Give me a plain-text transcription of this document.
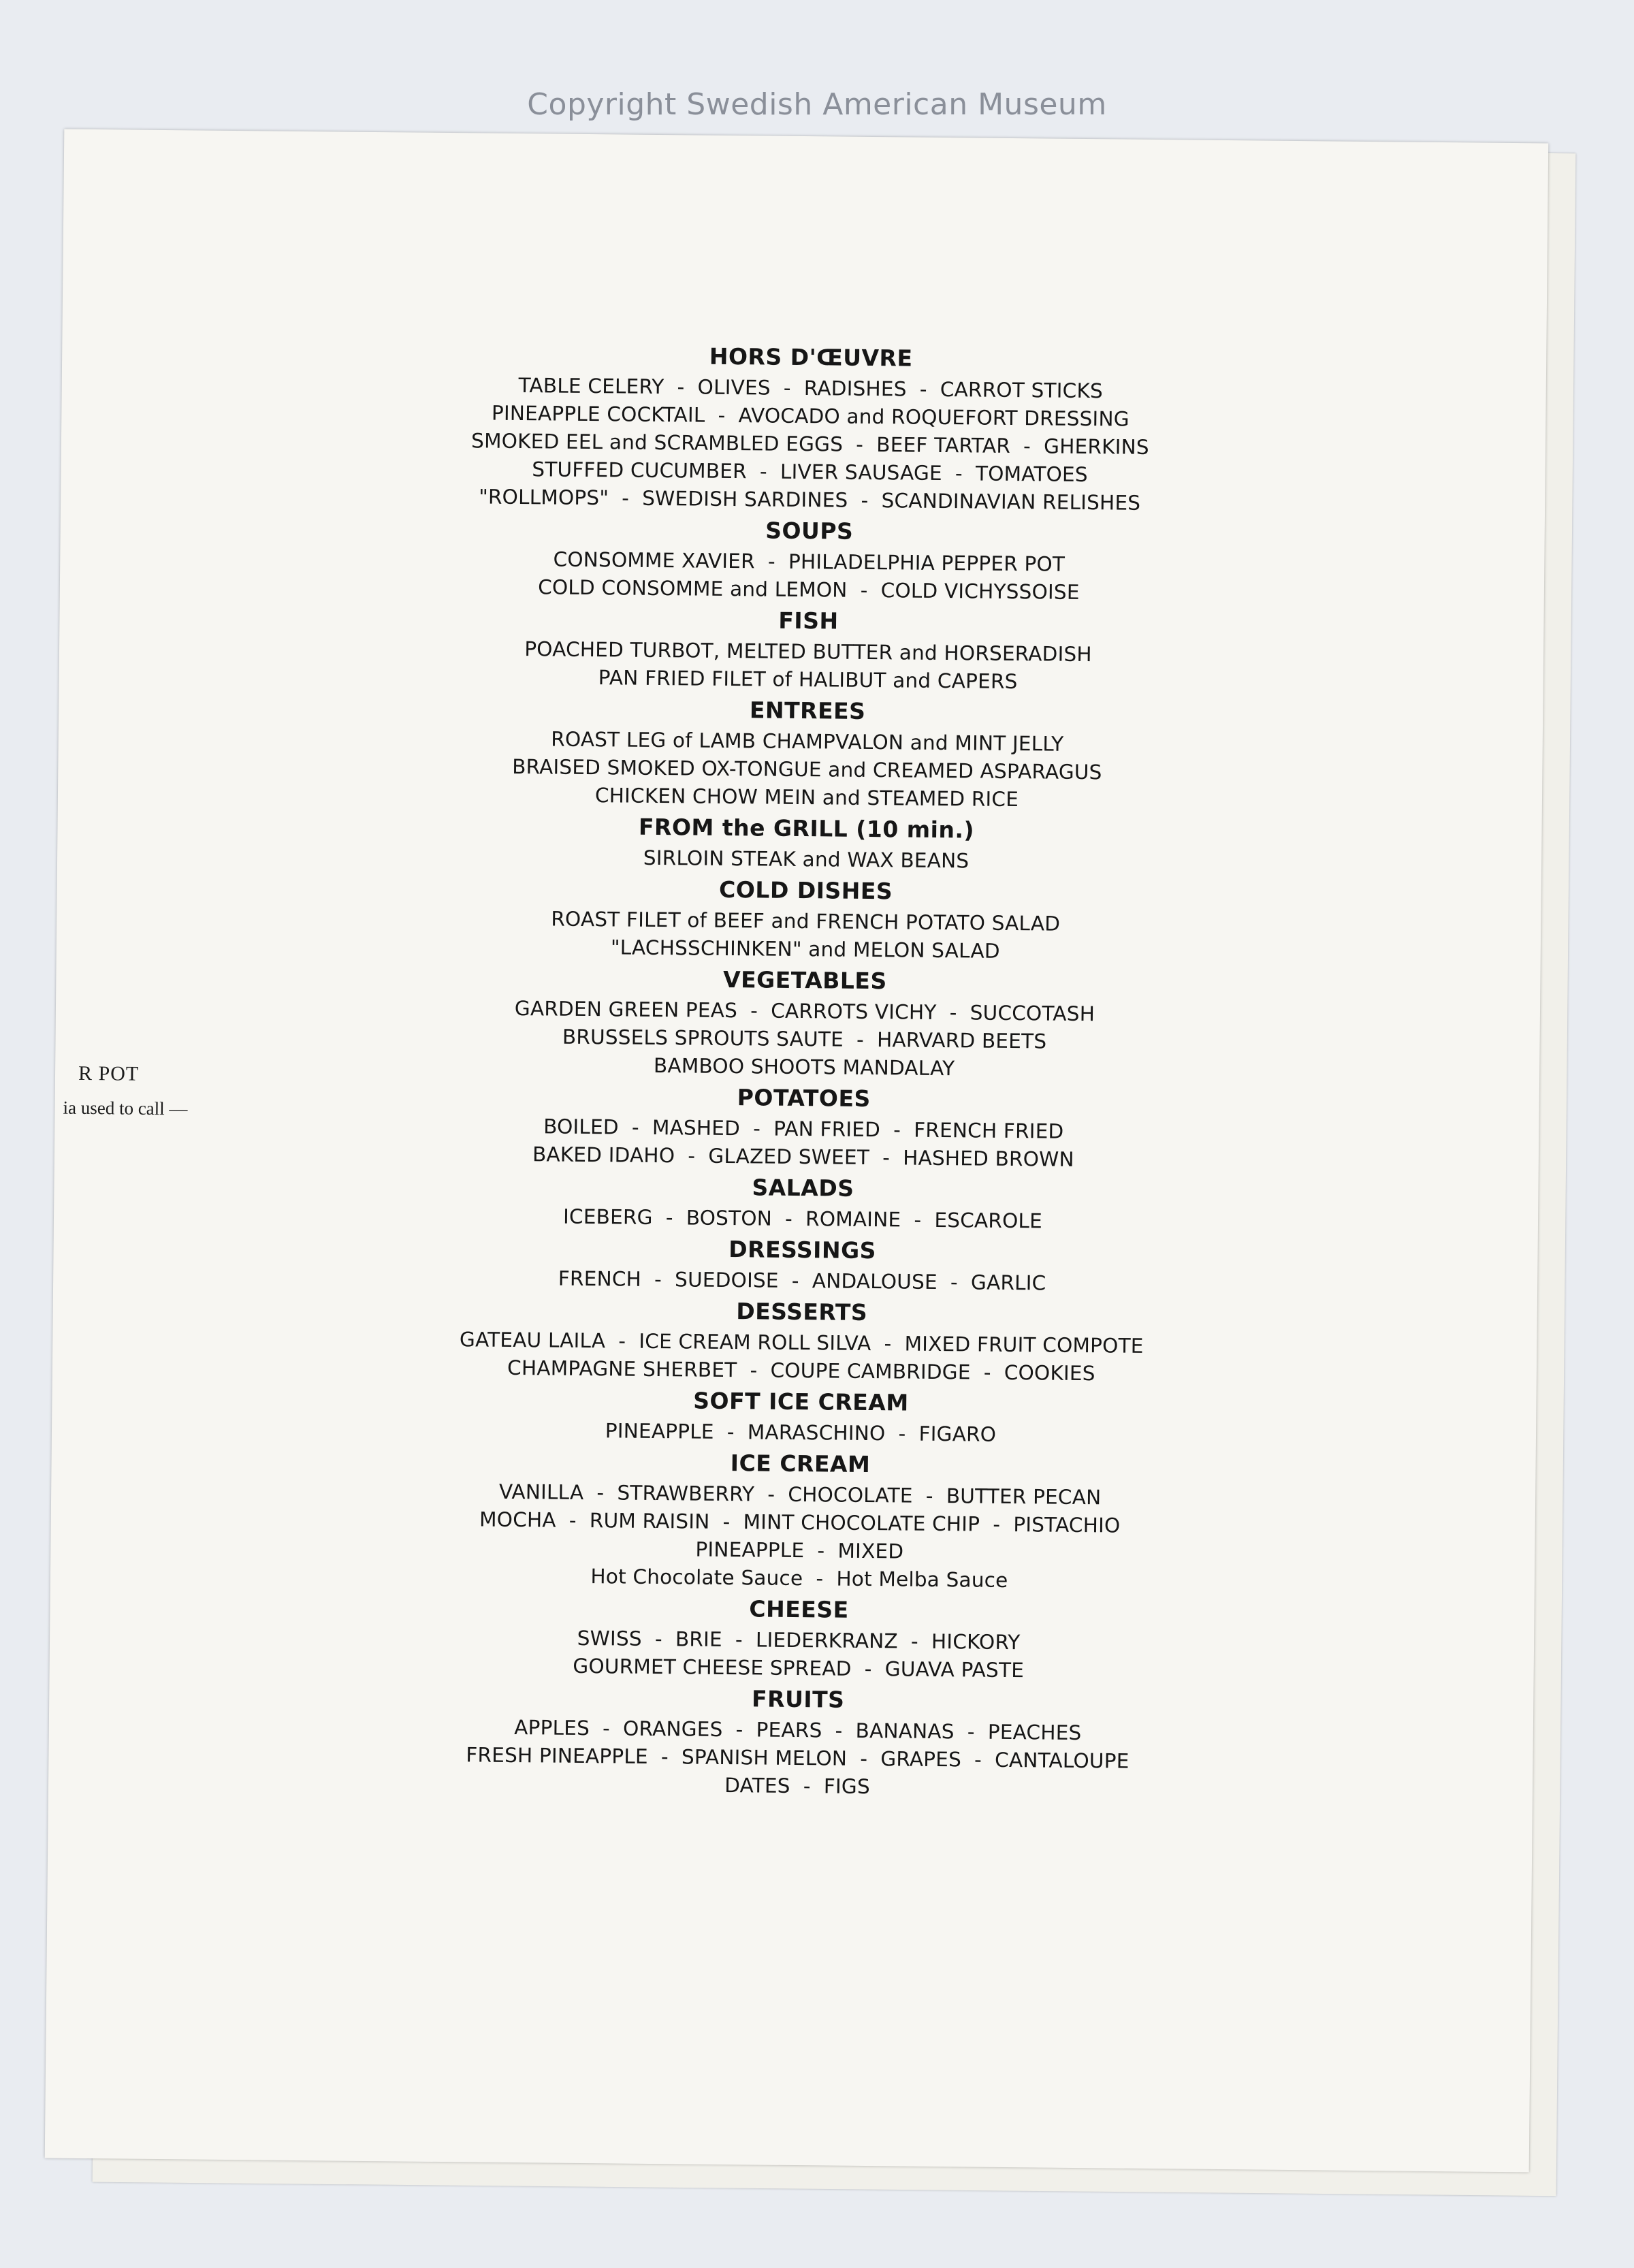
Copyright Swedish American Museum
R POT
ia used to call —
HORS D'ŒUVRE
TABLE CELERY  -  OLIVES  -  RADISHES  -  CARROT STICKS
PINEAPPLE COCKTAIL  -  AVOCADO and ROQUEFORT DRESSING
SMOKED EEL and SCRAMBLED EGGS  -  BEEF TARTAR  -  GHERKINS
STUFFED CUCUMBER  -  LIVER SAUSAGE  -  TOMATOES
"ROLLMOPS"  -  SWEDISH SARDINES  -  SCANDINAVIAN RELISHES
SOUPS
CONSOMME XAVIER  -  PHILADELPHIA PEPPER POT
COLD CONSOMME and LEMON  -  COLD VICHYSSOISE
FISH
POACHED TURBOT, MELTED BUTTER and HORSERADISH
PAN FRIED FILET of HALIBUT and CAPERS
ENTREES
ROAST LEG of LAMB CHAMPVALON and MINT JELLY
BRAISED SMOKED OX-TONGUE and CREAMED ASPARAGUS
CHICKEN CHOW MEIN and STEAMED RICE
FROM the GRILL (10 min.)
SIRLOIN STEAK and WAX BEANS
COLD DISHES
ROAST FILET of BEEF and FRENCH POTATO SALAD
"LACHSSCHINKEN" and MELON SALAD
VEGETABLES
GARDEN GREEN PEAS  -  CARROTS VICHY  -  SUCCOTASH
BRUSSELS SPROUTS SAUTE  -  HARVARD BEETS
BAMBOO SHOOTS MANDALAY
POTATOES
BOILED  -  MASHED  -  PAN FRIED  -  FRENCH FRIED
BAKED IDAHO  -  GLAZED SWEET  -  HASHED BROWN
SALADS
ICEBERG  -  BOSTON  -  ROMAINE  -  ESCAROLE
DRESSINGS
FRENCH  -  SUEDOISE  -  ANDALOUSE  -  GARLIC
DESSERTS
GATEAU LAILA  -  ICE CREAM ROLL SILVA  -  MIXED FRUIT COMPOTE
CHAMPAGNE SHERBET  -  COUPE CAMBRIDGE  -  COOKIES
SOFT ICE CREAM
PINEAPPLE  -  MARASCHINO  -  FIGARO
ICE CREAM
VANILLA  -  STRAWBERRY  -  CHOCOLATE  -  BUTTER PECAN
MOCHA  -  RUM RAISIN  -  MINT CHOCOLATE CHIP  -  PISTACHIO
PINEAPPLE  -  MIXED
Hot Chocolate Sauce  -  Hot Melba Sauce
CHEESE
SWISS  -  BRIE  -  LIEDERKRANZ  -  HICKORY
GOURMET CHEESE SPREAD  -  GUAVA PASTE
FRUITS
APPLES  -  ORANGES  -  PEARS  -  BANANAS  -  PEACHES
FRESH PINEAPPLE  -  SPANISH MELON  -  GRAPES  -  CANTALOUPE
DATES  -  FIGS
